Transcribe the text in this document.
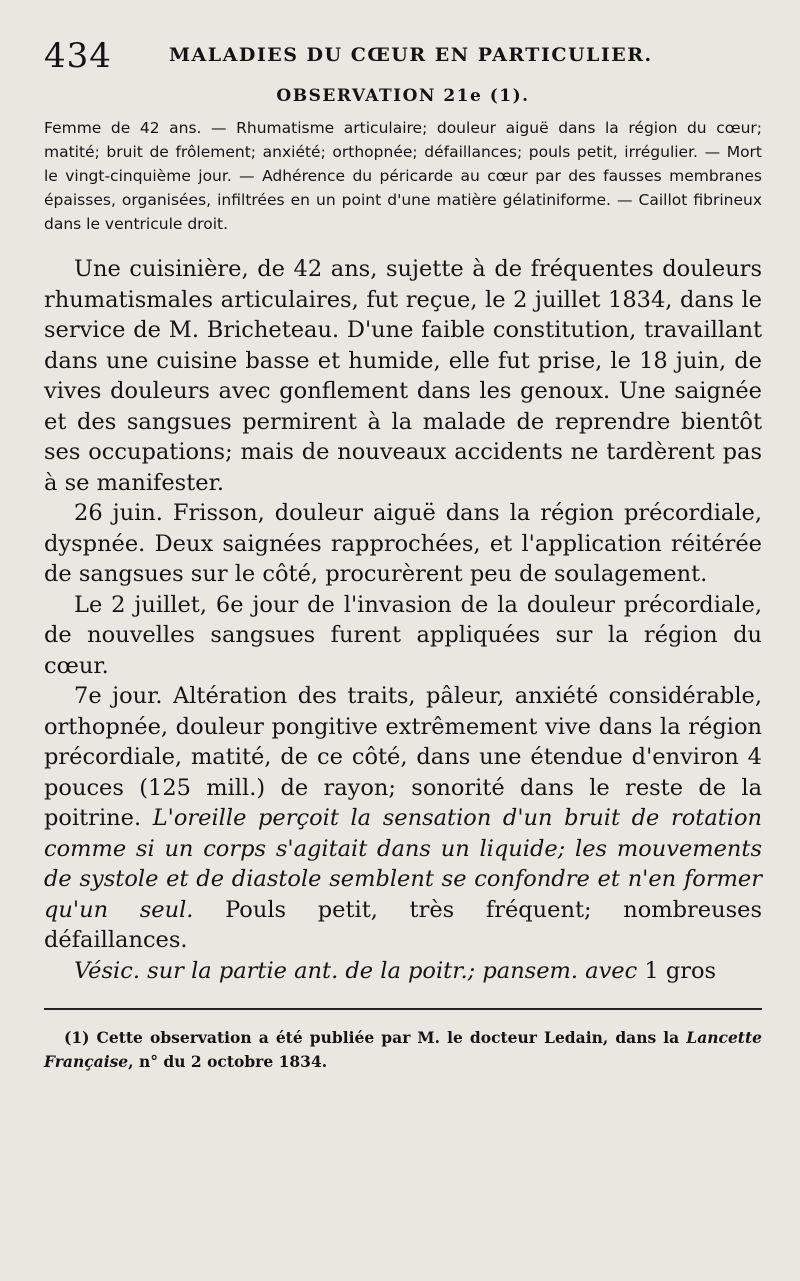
434	MALADIES DU CŒUR EN PARTICULIER.
OBSERVATION 21e (1).

Femme de 42 ans. — Rhumatisme articulaire; douleur aiguë dans la région du cœur; matité; bruit de frôlement; anxiété; orthopnée; défaillances; pouls petit, irrégulier. — Mort le vingt-cinquième jour. — Adhérence du péricarde au cœur par des fausses membranes épaisses, organisées, infiltrées en un point d'une matière gélatiniforme. — Caillot fibrineux dans le ventricule droit.

Une cuisinière, de 42 ans, sujette à de fréquentes douleurs rhumatismales articulaires, fut reçue, le 2 juillet 1834, dans le service de M. Bricheteau. D'une faible constitution, travaillant dans une cuisine basse et humide, elle fut prise, le 18 juin, de vives douleurs avec gonflement dans les genoux. Une saignée et des sangsues permirent à la malade de reprendre bientôt ses occupations; mais de nouveaux accidents ne tardèrent pas à se manifester.

26 juin. Frisson, douleur aiguë dans la région précordiale, dyspnée. Deux saignées rapprochées, et l'application réitérée de sangsues sur le côté, procurèrent peu de soulagement.

Le 2 juillet, 6e jour de l'invasion de la douleur précordiale, de nouvelles sangsues furent appliquées sur la région du cœur.

7e jour. Altération des traits, pâleur, anxiété considérable, orthopnée, douleur pongitive extrêmement vive dans la région précordiale, matité, de ce côté, dans une étendue d'environ 4 pouces (125 mill.) de rayon; sonorité dans le reste de la poitrine. L'oreille perçoit la sensation d'un bruit de rotation comme si un corps s'agitait dans un liquide; les mouvements de systole et de diastole semblent se confondre et n'en former qu'un seul. Pouls petit, très fréquent; nombreuses défaillances.

Vésic. sur la partie ant. de la poitr.; pansem. avec 1 gros

(1) Cette observation a été publiée par M. le docteur Ledain, dans la Lancette Française, n° du 2 octobre 1834.
